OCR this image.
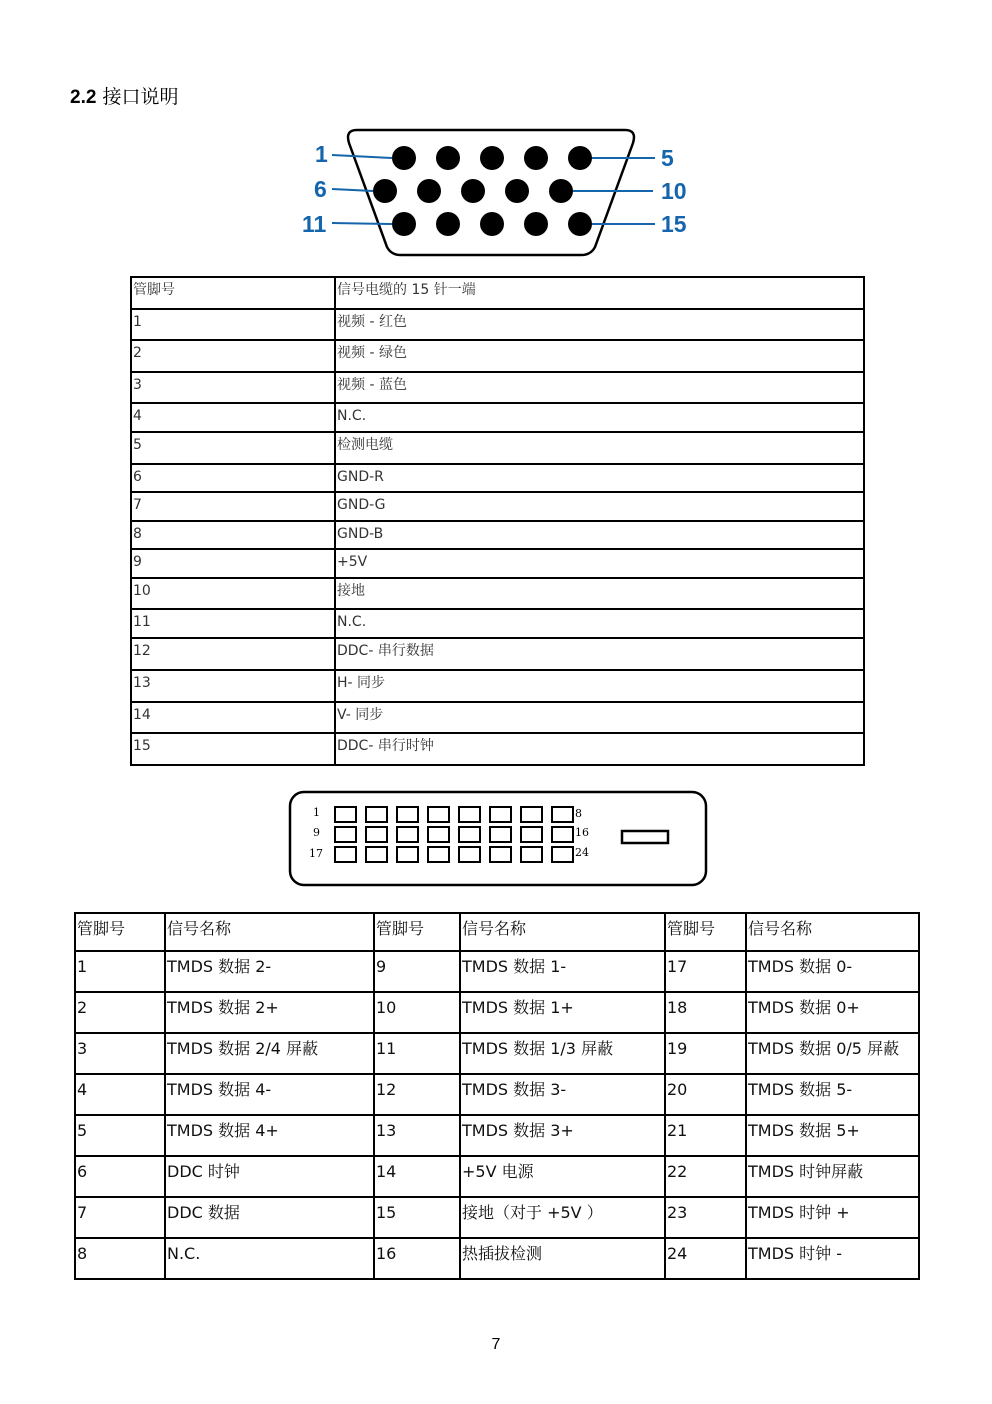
2.2 接口说明
1	5
6	10
11	15
管脚号	信号电缆的 15 针一端
1	视频 - 红色
2	视频 - 绿色
3	视频 - 蓝色
4	N.C.
5	检测电缆
6	GND-R
7	GND-G
8	GND-B
9	+5V
10	接地
11	N.C.
12	DDC- 串行数据
13	H- 同步
14	V- 同步
15	DDC- 串行时钟
1
9
17
8
16
24
管脚号	信号名称	管脚号	信号名称	管脚号	信号名称
1	TMDS 数据 2-	9	TMDS 数据 1-	17	TMDS 数据 0-
2	TMDS 数据 2+	10	TMDS 数据 1+	18	TMDS 数据 0+
3	TMDS 数据 2/4 屏蔽	11	TMDS 数据 1/3 屏蔽	19	TMDS 数据 0/5 屏蔽
4	TMDS 数据 4-	12	TMDS 数据 3-	20	TMDS 数据 5-
5	TMDS 数据 4+	13	TMDS 数据 3+	21	TMDS 数据 5+
6	DDC 时钟	14	+5V 电源	22	TMDS 时钟屏蔽
7	DDC 数据	15	接地（对于 +5V ）	23	TMDS 时钟 +
8	N.C.	16	热插拔检测	24	TMDS 时钟 -
7
